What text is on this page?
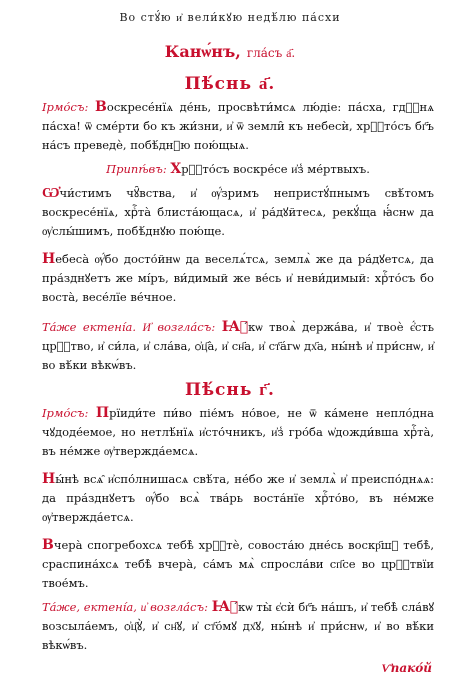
Во стꙋ́ю и҆ вели́кꙋю недѣ́лю па́схи
Канѡ́нъ, гла́съ а҃.
Пѣ́снь а҃.
Ірмо́съ: Воскресе́нїѧ де́нь, просвѣти́мсѧ лю́діе: па́сха, гдⷭ҇нѧ па́сха! ѿ сме́рти бо къ жи́зни, и҆ ѿ земли̑ къ небесѝ, хрⷭ҇то́съ бг҃ъ на́съ преведѐ, побѣ́днꙋю пою́щыѧ.
Припѣ́въ: Хрⷭ҇то́съ воскре́се и҆з̾ ме́ртвыхъ.
Ѡ҆чи́стимъ чꙋ̑вства, и҆ ѹ҆́зримъ непристꙋ́пнымъ свѣ́томъ воскресе́нїѧ, хрⷭ҇та̀ блиста́ющасѧ, и҆ ра́дꙋйтесѧ, рекꙋ́ща ꙗ҆́снѡ да ѹ҆слы́шимъ, побѣ́днꙋю пою́ще.
Небеса̀ ѹ҆́бо досто́йнѡ да веселѧ́тсѧ, землѧ̀ же да ра́дꙋетсѧ, да пра́зднꙋетъ же мі́ръ, ви́димый же ве́сь и҆ неви́димый: хрⷭ҇то́съ бо воста̀, весе́лїе ве́чное.
Та́же ектені́а. И҆ возгла́съ: Ꙗ҆́кѡ твоѧ̀ держа́ва, и҆ твоѐ є҆́сть црⷭ҇тво, и҆ си́ла, и҆ сла́ва, ѻ҆ц҃а̀, и҆ сн҃а, и҆ ст҃а́гѡ дх҃а, ны́нѣ и҆ при́снѡ, и҆ во вѣ́ки вѣкѡ́въ.
Пѣ́снь г҃.
Ірмо́съ: Прїиди́те пи́во піе́мъ но́вое, не ѿ ка́мене непло́дна чꙋдоде́емое, но нетлѣ́нїѧ и҆сто́чникъ, и҆з̾ гро́ба ѡ҆дожди́вша хрⷭ҇та̀, въ не́мже ѹ҆твержда́емсѧ.
Ны́нѣ всѧ̑ и҆спо́лнишасѧ свѣ́та, не́бо же и҆ землѧ̀ и҆ преиспо́днѧѧ: да пра́зднꙋетъ ѹ҆́бо всѧ̀ тва́рь воста́нїе хрⷭ҇то́во, въ не́мже ѹ҆твержда́етсѧ.
Вчера̀ спогребохсѧ тебѣ̀ хрⷭ҇тѐ, совоста́ю дне́сь воскр҃шꙋ тебѣ̀, сраспина́хсѧ тебѣ̀ вчера̀, са́мъ мѧ̀ спросла́ви сп҃се во црⷭ҇твїи твое́мъ.
Та́же, ектені́а, и҆ возгла́съ: Ꙗ҆́кѡ ты̀ є҆сѝ бг҃ъ на́шъ, и҆ тебѣ̀ сла́вꙋ возсыла́емъ, ѻ҆ц҃ꙋ̀, и҆ сн҃ꙋ, и҆ ст҃о́мꙋ дх҃ꙋ, ны́нѣ и҆ при́снѡ, и҆ во вѣ́ки вѣкѡ́въ.
Ѵ҆пако́й
